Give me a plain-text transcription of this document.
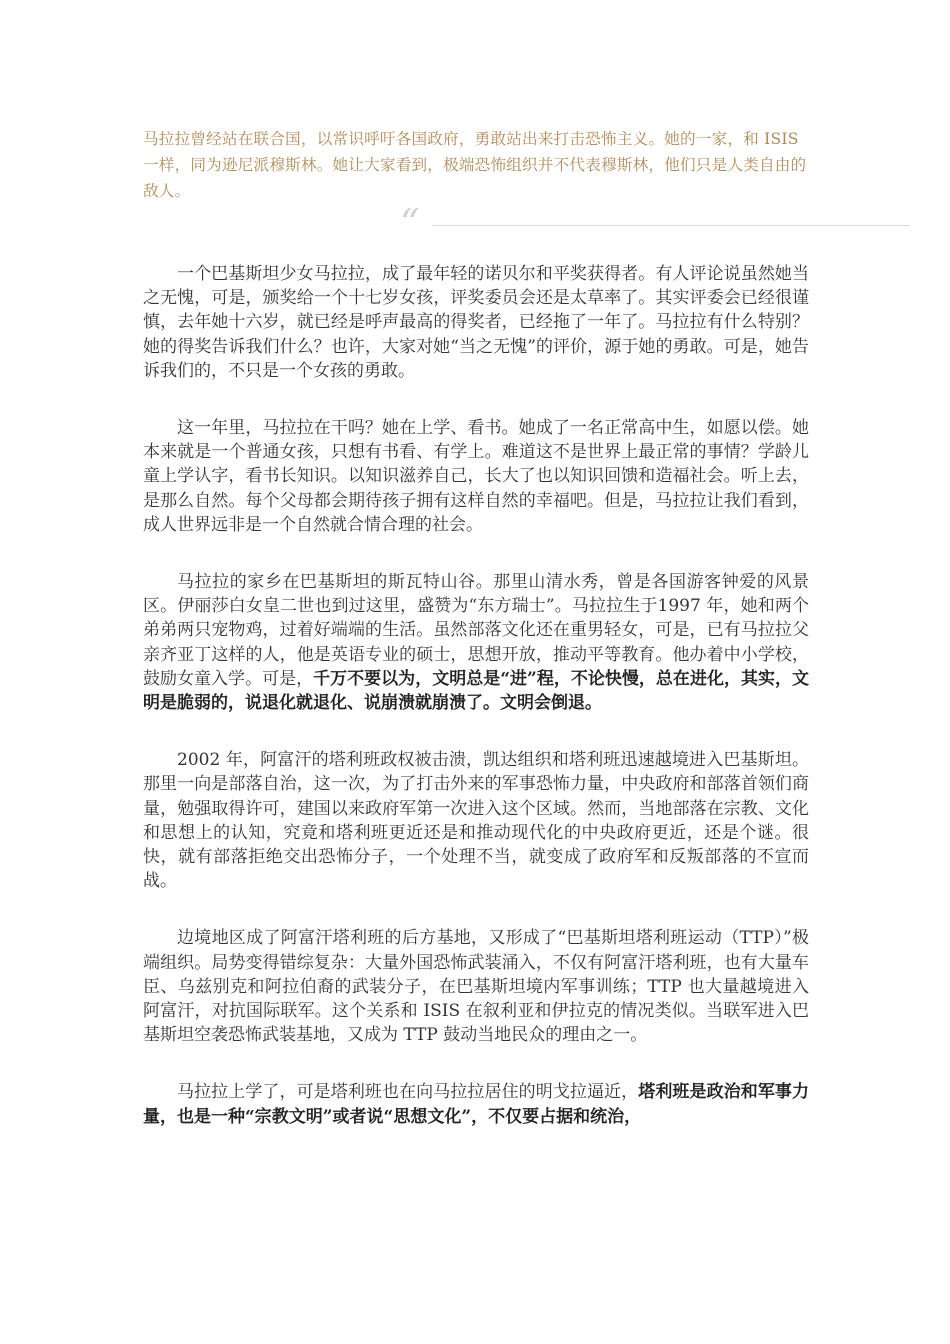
马拉拉曾经站在联合国，以常识呼吁各国政府，勇敢站出来打击恐怖主义。她的一家，和 ISIS 一样，同为逊尼派穆斯林。她让大家看到，极端恐怖组织并不代表穆斯林，他们只是人类自由的敌人。

“

一个巴基斯坦少女马拉拉，成了最年轻的诺贝尔和平奖获得者。有人评论说虽然她当之无愧，可是，颁奖给一个十七岁女孩，评奖委员会还是太草率了。其实评委会已经很谨慎，去年她十六岁，就已经是呼声最高的得奖者，已经拖了一年了。马拉拉有什么特别？她的得奖告诉我们什么？也许，大家对她“当之无愧”的评价，源于她的勇敢。可是，她告诉我们的，不只是一个女孩的勇敢。

这一年里，马拉拉在干吗？她在上学、看书。她成了一名正常高中生，如愿以偿。她本来就是一个普通女孩，只想有书看、有学上。难道这不是世界上最正常的事情？学龄儿童上学认字，看书长知识。以知识滋养自己，长大了也以知识回馈和造福社会。听上去，是那么自然。每个父母都会期待孩子拥有这样自然的幸福吧。但是，马拉拉让我们看到，成人世界远非是一个自然就合情合理的社会。

马拉拉的家乡在巴基斯坦的斯瓦特山谷。那里山清水秀，曾是各国游客钟爱的风景区。伊丽莎白女皇二世也到过这里，盛赞为“东方瑞士”。马拉拉生于1997 年，她和两个弟弟两只宠物鸡，过着好端端的生活。虽然部落文化还在重男轻女，可是，已有马拉拉父亲齐亚丁这样的人，他是英语专业的硕士，思想开放，推动平等教育。他办着中小学校，鼓励女童入学。可是，千万不要以为，文明总是“进”程，不论快慢，总在进化，其实，文明是脆弱的，说退化就退化、说崩溃就崩溃了。文明会倒退。

2002 年，阿富汗的塔利班政权被击溃，凯达组织和塔利班迅速越境进入巴基斯坦。那里一向是部落自治，这一次，为了打击外来的军事恐怖力量，中央政府和部落首领们商量，勉强取得许可，建国以来政府军第一次进入这个区域。然而，当地部落在宗教、文化和思想上的认知，究竟和塔利班更近还是和推动现代化的中央政府更近，还是个谜。很快，就有部落拒绝交出恐怖分子，一个处理不当，就变成了政府军和反叛部落的不宣而战。

边境地区成了阿富汗塔利班的后方基地，又形成了“巴基斯坦塔利班运动（TTP）”极端组织。局势变得错综复杂：大量外国恐怖武装涌入，不仅有阿富汗塔利班，也有大量车臣、乌兹别克和阿拉伯裔的武装分子，在巴基斯坦境内军事训练；TTP 也大量越境进入阿富汗，对抗国际联军。这个关系和 ISIS 在叙利亚和伊拉克的情况类似。当联军进入巴基斯坦空袭恐怖武装基地，又成为 TTP 鼓动当地民众的理由之一。

马拉拉上学了，可是塔利班也在向马拉拉居住的明戈拉逼近，塔利班是政治和军事力量，也是一种“宗教文明”或者说“思想文化”，不仅要占据和统治，
